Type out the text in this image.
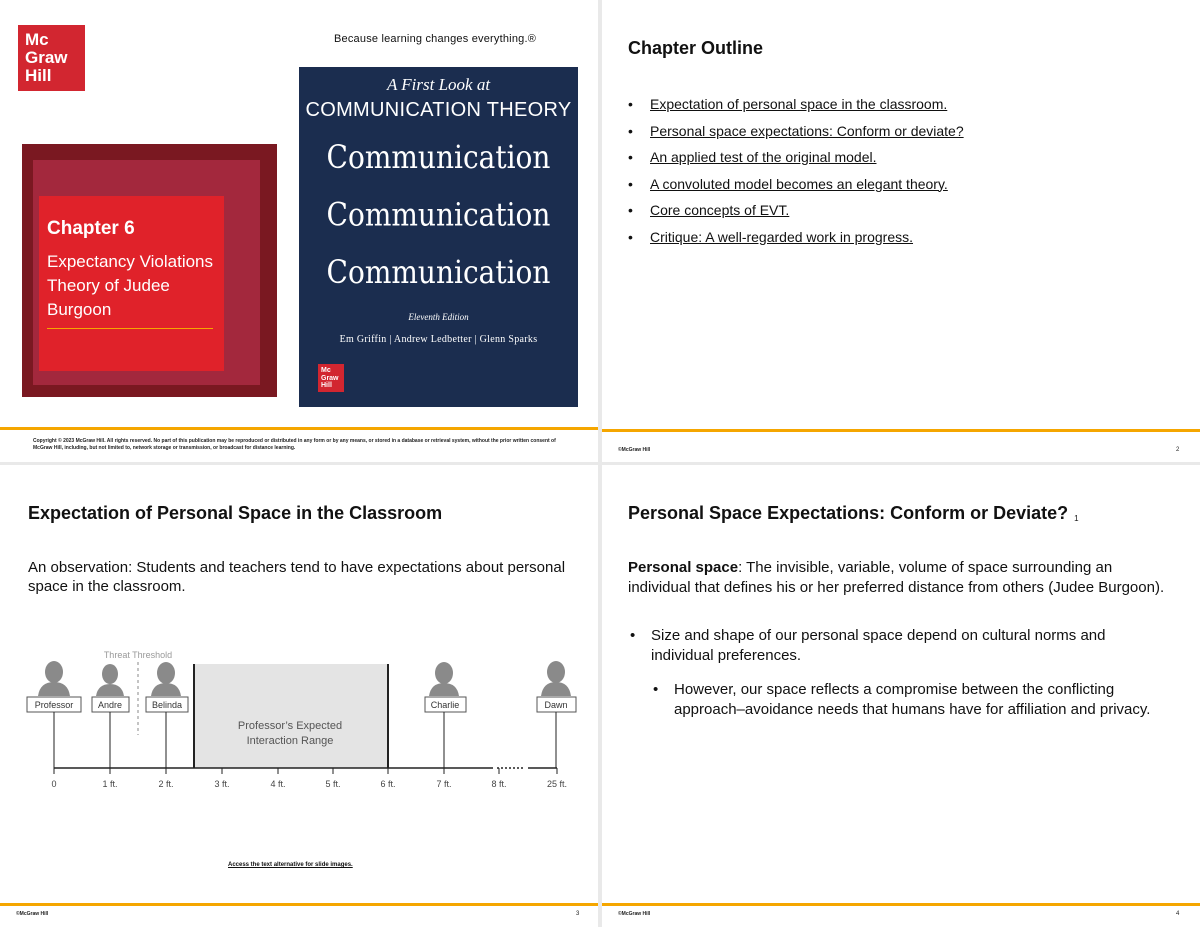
Mc
Graw
Hill
Because learning changes everything.®
Chapter 6
Expectancy Violations Theory of Judee Burgoon
A First Look at
COMMUNICATION THEORY
Communication
Communication
Communication
Eleventh Edition
Em Griffin | Andrew Ledbetter | Glenn Sparks
Mc
Graw
Hill
Copyright © 2023 McGraw Hill. All rights reserved. No part of this publication may be reproduced or distributed in any form or by any means, or stored in a database or retrieval system, without the prior written consent of McGraw Hill, including, but not limited to, network storage or transmission, or broadcast for distance learning.
Chapter Outline
• Expectation of personal space in the classroom.
• Personal space expectations: Conform or deviate?
• An applied test of the original model.
• A convoluted model becomes an elegant theory.
• Core concepts of EVT.
• Critique: A well-regarded work in progress.
©McGraw Hill	2
Expectation of Personal Space in the Classroom
An observation: Students and teachers tend to have expectations about personal space in the classroom.
Professor’s Expected
Interaction Range
Threat Threshold
0	1 ft.	2 ft.	3 ft.	4 ft.	5 ft.	6 ft.	7 ft.	8 ft.	25 ft.
Professor	Andre	Belinda	Charlie	Dawn
Access the text alternative for slide images.
©McGraw Hill	3
Personal Space Expectations: Conform or Deviate? $^1$
Personal space: The invisible, variable, volume of space surrounding an individual that defines his or her preferred distance from others (Judee Burgoon).
• Size and shape of our personal space depend on cultural norms and individual preferences.
• However, our space reflects a compromise between the conflicting approach–avoidance needs that humans have for affiliation and privacy.
©McGraw Hill	4
